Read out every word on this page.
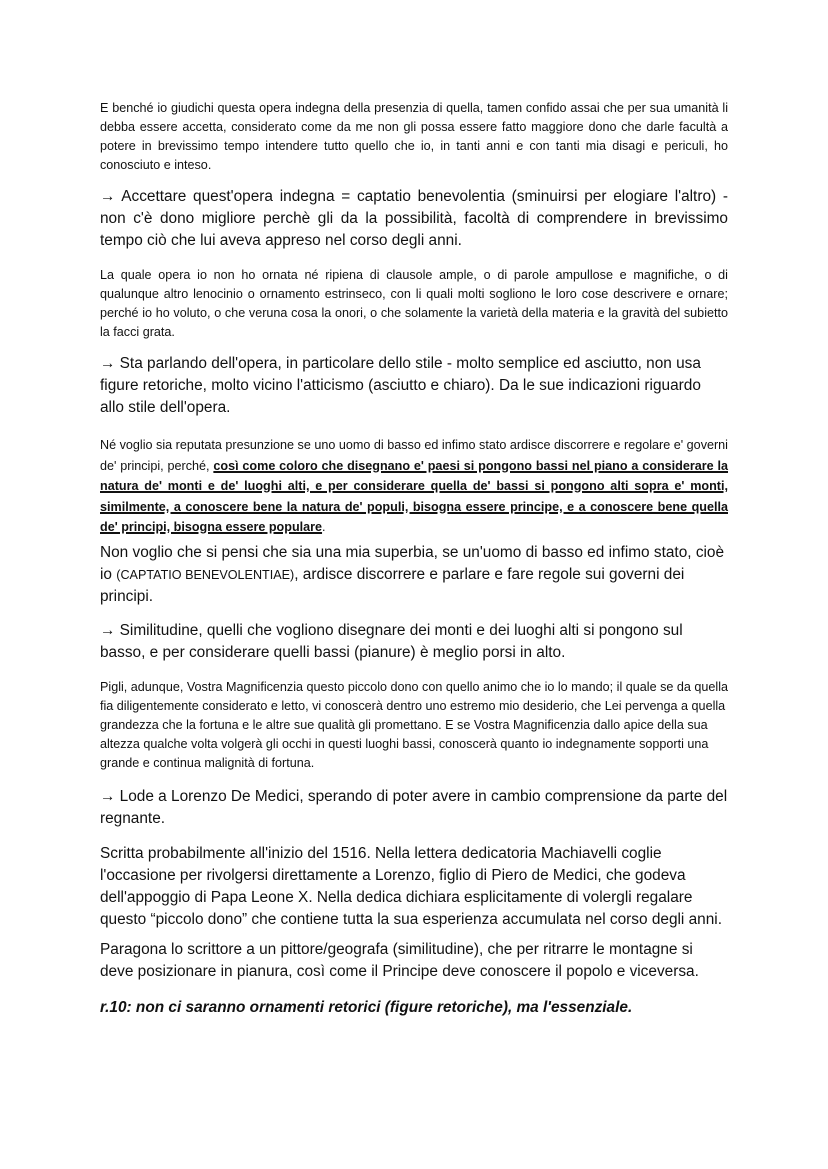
E benché io giudichi questa opera indegna della presenzia di quella, tamen confido assai che per sua umanità li debba essere accetta, considerato come da me non gli possa essere fatto maggiore dono che darle facultà a potere in brevissimo tempo intendere tutto quello che io, in tanti anni e con tanti mia disagi e periculi, ho conosciuto e inteso.

→ Accettare quest'opera indegna = captatio benevolentia (sminuirsi per elogiare l'altro) - non c'è dono migliore perchè gli da la possibilità, facoltà di comprendere in brevissimo tempo ciò che lui aveva appreso nel corso degli anni.

La quale opera io non ho ornata né ripiena di clausole ample, o di parole ampullose e magnifiche, o di qualunque altro lenocinio o ornamento estrinseco, con li quali molti sogliono le loro cose descrivere e ornare; perché io ho voluto, o che veruna cosa la onori, o che solamente la varietà della materia e la gravità del subietto la facci grata.

→ Sta parlando dell'opera, in particolare dello stile - molto semplice ed asciutto, non usa figure retoriche, molto vicino l'atticismo (asciutto e chiaro). Da le sue indicazioni riguardo allo stile dell'opera.

Né voglio sia reputata presunzione se uno uomo di basso ed infimo stato ardisce discorrere e regolare e' governi de' principi, perché, così come coloro che disegnano e' paesi si pongono bassi nel piano a considerare la natura de' monti e de' luoghi alti, e per considerare quella de' bassi si pongono alti sopra e' monti, similmente, a conoscere bene la natura de' populi, bisogna essere principe, e a conoscere bene quella de' principi, bisogna essere populare.

Non voglio che si pensi che sia una mia superbia, se un'uomo di basso ed infimo stato, cioè io (CAPTATIO BENEVOLENTIAE), ardisce discorrere e parlare e fare regole sui governi dei principi.

→ Similitudine, quelli che vogliono disegnare dei monti e dei luoghi alti si pongono sul basso, e per considerare quelli bassi (pianure) è meglio porsi in alto.

Pigli, adunque, Vostra Magnificenzia questo piccolo dono con quello animo che io lo mando; il quale se da quella fia diligentemente considerato e letto, vi conoscerà dentro uno estremo mio desiderio, che Lei pervenga a quella grandezza che la fortuna e le altre sue qualità gli promettano. E se Vostra Magnificenzia dallo apice della sua altezza qualche volta volgerà gli occhi in questi luoghi bassi, conoscerà quanto io indegnamente sopporti una grande e continua malignità di fortuna.

→ Lode a Lorenzo De Medici, sperando di poter avere in cambio comprensione da parte del regnante.

Scritta probabilmente all'inizio del 1516. Nella lettera dedicatoria Machiavelli coglie l'occasione per rivolgersi direttamente a Lorenzo, figlio di Piero de Medici, che godeva dell'appoggio di Papa Leone X. Nella dedica dichiara esplicitamente di volergli regalare questo “piccolo dono” che contiene tutta la sua esperienza accumulata nel corso degli anni.

Paragona lo scrittore a un pittore/geografa (similitudine), che per ritrarre le montagne si deve posizionare in pianura, così come il Principe deve conoscere il popolo e viceversa.

r.10: non ci saranno ornamenti retorici (figure retoriche), ma l'essenziale.
